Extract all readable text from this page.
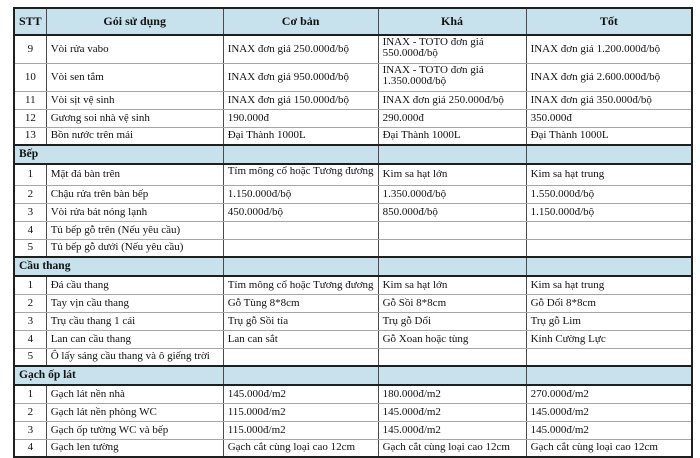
STT	Gói sử dụng	Cơ bản	Khá	Tốt
9	Vòi rửa vabo	INAX đơn giá 250.000đ/bộ	INAX - TOTO đơn giá 550.000đ/bộ	INAX đơn giá 1.200.000đ/bộ
10	Vòi sen tắm	INAX đơn giá 950.000đ/bộ	INAX - TOTO đơn giá 1.350.000đ/bộ	INAX đơn giá 2.600.000đ/bộ
11	Vòi sịt vệ sinh	INAX đơn giá 150.000đ/bộ	INAX đơn giá 250.000đ/bộ	INAX đơn giá 350.000đ/bộ
12	Gương soi nhà vệ sinh	190.000đ	290.000đ	350.000đ
13	Bồn nước trên mái	Đại Thành 1000L	Đại Thành 1000L	Đại Thành 1000L
Bếp				
1	Mặt đá bàn trên	Tím mông cổ hoặc Tương đương	Kim sa hạt lớn	Kim sa hạt trung
2	Chậu rửa trên bàn bếp	1.150.000đ/bộ	1.350.000đ/bộ	1.550.000đ/bộ
3	Vòi rửa bát nóng lạnh	450.000đ/bộ	850.000đ/bộ	1.150.000đ/bộ
4	Tủ bếp gỗ trên (Nếu yêu cầu)			
5	Tủ bếp gỗ dưới (Nếu yêu cầu)			
Cầu thang				
1	Đá cầu thang	Tím mông cổ hoặc Tương đương	Kim sa hạt lớn	Kim sa hạt trung
2	Tay vịn cầu thang	Gỗ Tùng 8*8cm	Gỗ Sồi 8*8cm	Gỗ Dổi 8*8cm
3	Trụ cầu thang 1 cái	Trụ gỗ Sồi tía	Trụ gỗ Dổi	Trụ gỗ Lim
4	Lan can cầu thang	Lan can sắt	Gỗ Xoan hoặc tùng	Kính Cường Lực
5	Ô lấy sáng cầu thang và ô giếng trời			
Gạch ốp lát				
1	Gạch lát nền nhà	145.000đ/m2	180.000đ/m2	270.000đ/m2
2	Gạch lát nền phòng WC	115.000đ/m2	145.000đ/m2	145.000đ/m2
3	Gạch ốp tường WC và bếp	115.000đ/m2	145.000đ/m2	145.000đ/m2
4	Gạch len tường	Gạch cắt cùng loại cao 12cm	Gạch cắt cùng loại cao 12cm	Gạch cắt cùng loại cao 12cm
